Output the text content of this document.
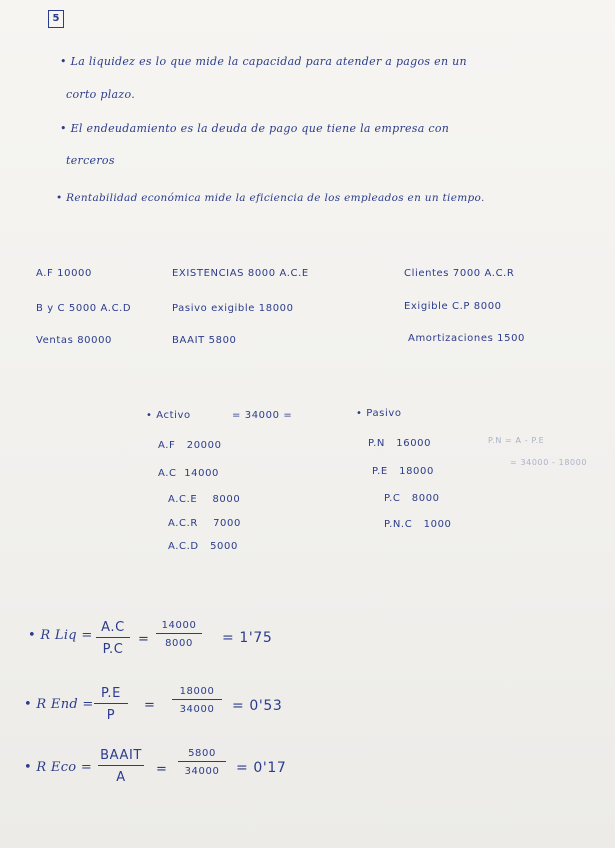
5
• La liquidez es lo que mide la capacidad para atender a pagos en un
corto plazo.
• El endeudamiento es la deuda de pago que tiene la empresa con
terceros
• Rentabilidad económica mide la eficiencia de los empleados en un tiempo.
A.F 10000	EXISTENCIAS 8000 A.C.E	Clientes 7000 A.C.R
B y C 5000 A.C.D	Pasivo exigible 18000	Exigible C.P 8000
Ventas 80000	BAAIT 5800	Amortizaciones 1500
• Activo	= 34000 =
A.F 20000
A.C 14000
A.C.E 8000
A.C.R 7000
A.C.D 5000
• Pasivo
P.N 16000
P.E 18000
P.C 8000
P.N.C 1000
P.N = A - P.E
= 34000 - 18000
• R Liq =
A.C
P.C
=
14000
8000	= 1'75
• R End =
P.E
P
=
18000
34000	= 0'53
• R Eco =
BAAIT
A
=
5800
34000	= 0'17
